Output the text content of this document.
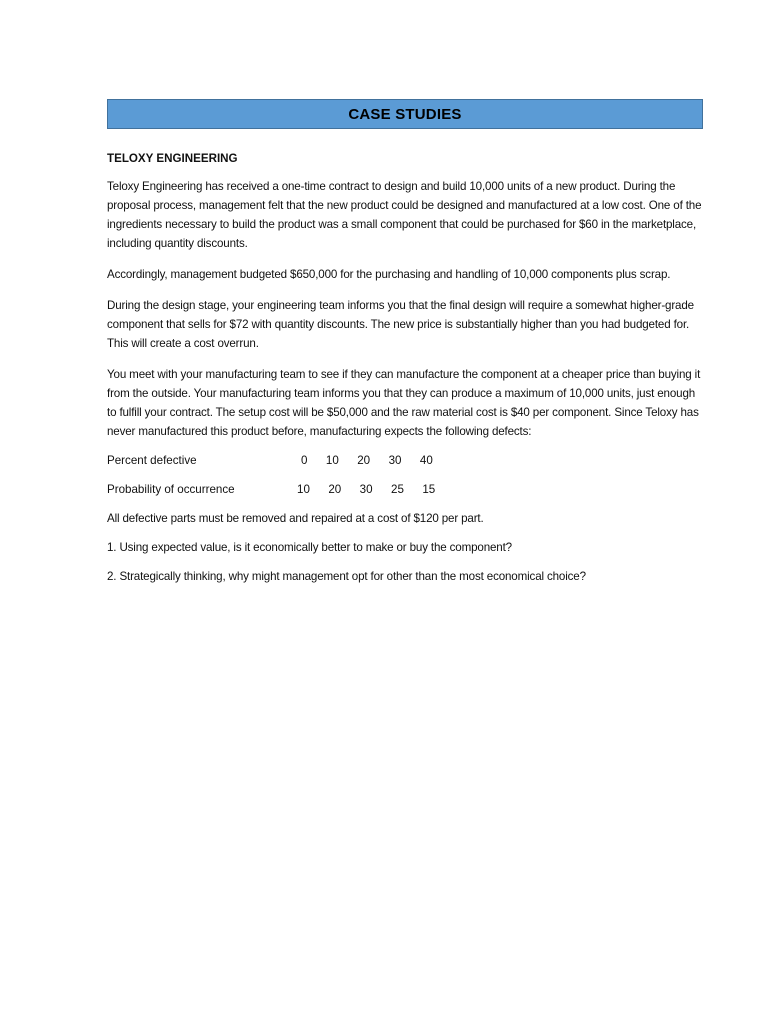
CASE STUDIES
TELOXY ENGINEERING

Teloxy Engineering has received a one-time contract to design and build 10,000 units of a new product. During the proposal process, management felt that the new product could be designed and manufactured at a low cost. One of the ingredients necessary to build the product was a small component that could be purchased for $60 in the marketplace, including quantity discounts.

Accordingly, management budgeted $650,000 for the purchasing and handling of 10,000 components plus scrap.

During the design stage, your engineering team informs you that the final design will require a somewhat higher-grade component that sells for $72 with quantity discounts. The new price is substantially higher than you had budgeted for. This will create a cost overrun.

You meet with your manufacturing team to see if they can manufacture the component at a cheaper price than buying it from the outside. Your manufacturing team informs you that they can produce a maximum of 10,000 units, just enough to fulfill your contract. The setup cost will be $50,000 and the raw material cost is $40 per component. Since Teloxy has never manufactured this product before, manufacturing expects the following defects:

Percent defective	0  10  20  30  40
Probability of occurrence	10  20  30  25  15

All defective parts must be removed and repaired at a cost of $120 per part.

1. Using expected value, is it economically better to make or buy the component?

2. Strategically thinking, why might management opt for other than the most economical choice?
